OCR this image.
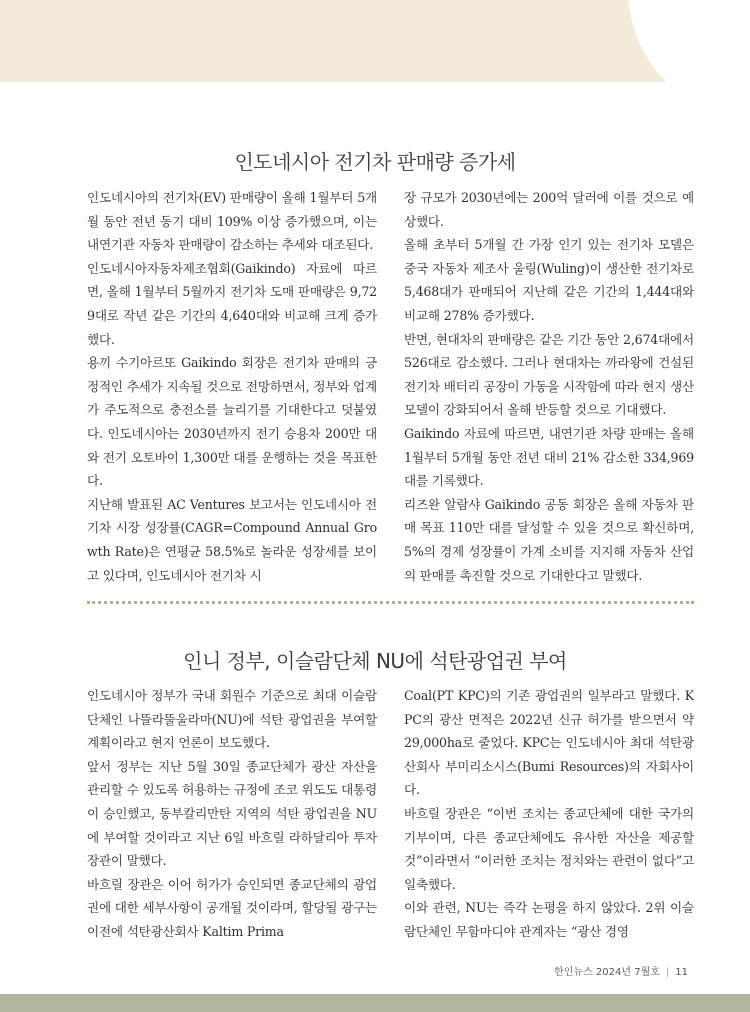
인도네시아 전기차 판매량 증가세

인도네시아의 전기차(EV) 판매량이 올해 1월부터 5개월 동안 전년 동기 대비 109% 이상 증가했으며, 이는 내연기관 자동차 판매량이 감소하는 추세와 대조된다.

인도네시아자동차제조협회(Gaikindo) 자료에 따르면, 올해 1월부터 5월까지 전기차 도매 판매량은 9,729대로 작년 같은 기간의 4,640대와 비교해 크게 증가했다.

용끼 수기아르또 Gaikindo 회장은 전기차 판매의 긍정적인 추세가 지속될 것으로 전망하면서, 정부와 업계가 주도적으로 충전소를 늘리기를 기대한다고 덧붙였다. 인도네시아는 2030년까지 전기 승용차 200만 대와 전기 오토바이 1,300만 대를 운행하는 것을 목표한다.

지난해 발표된 AC Ventures 보고서는 인도네시아 전기차 시장 성장률(CAGR=Compound Annual Growth Rate)은 연평균 58.5%로 놀라운 성장세를 보이고 있다며, 인도네시아 전기차 시

장 규모가 2030년에는 200억 달러에 이를 것으로 예상했다.

올해 초부터 5개월 간 가장 인기 있는 전기차 모델은 중국 자동차 제조사 울링(Wuling)이 생산한 전기차로 5,468대가 판매되어 지난해 같은 기간의 1,444대와 비교해 278% 증가했다.

반면, 현대차의 판매량은 같은 기간 동안 2,674대에서 526대로 감소했다. 그러나 현대차는 까라왕에 건설된 전기차 배터리 공장이 가동을 시작함에 따라 현지 생산 모델이 강화되어서 올해 반등할 것으로 기대했다.

Gaikindo 자료에 따르면, 내연기관 차량 판매는 올해 1월부터 5개월 동안 전년 대비 21% 감소한 334,969대를 기록했다.

리즈완 알람샤 Gaikindo 공동 회장은 올해 자동차 판매 목표 110만 대를 달성할 수 있을 것으로 확신하며, 5%의 경제 성장률이 가계 소비를 지지해 자동차 산업의 판매를 촉진할 것으로 기대한다고 말했다.

인니 정부, 이슬람단체 NU에 석탄광업권 부여

인도네시아 정부가 국내 회원수 기준으로 최대 이슬람단체인 나뜰라뚤울라마(NU)에 석탄 광업권을 부여할 계획이라고 현지 언론이 보도했다.

앞서 정부는 지난 5월 30일 종교단체가 광산 자산을 관리할 수 있도록 허용하는 규정에 조코 위도도 대통령이 승인했고, 동부칼리만탄 지역의 석탄 광업권을 NU에 부여할 것이라고 지난 6일 바흐릴 라하달리아 투자장관이 말했다.

바흐릴 장관은 이어 허가가 승인되면 종교단체의 광업권에 대한 세부사항이 공개될 것이라며, 할당될 광구는 이전에 석탄광산회사 Kaltim Prima

Coal(PT KPC)의 기존 광업권의 일부라고 말했다. KPC의 광산 면적은 2022년 신규 허가를 받으면서 약 29,000ha로 줄었다. KPC는 인도네시아 최대 석탄광산회사 부미리소시스(Bumi Resources)의 자회사이다.

바흐릴 장관은 “이번 조치는 종교단체에 대한 국가의 기부이며, 다른 종교단체에도 유사한 자산을 제공할 것”이라면서 “이러한 조치는 정치와는 관련이 없다”고 일축했다.

이와 관련, NU는 즉각 논평을 하지 않았다. 2위 이슬람단체인 무함마디야 관계자는 “광산 경영

한인뉴스 2024년 7월호 | 11
